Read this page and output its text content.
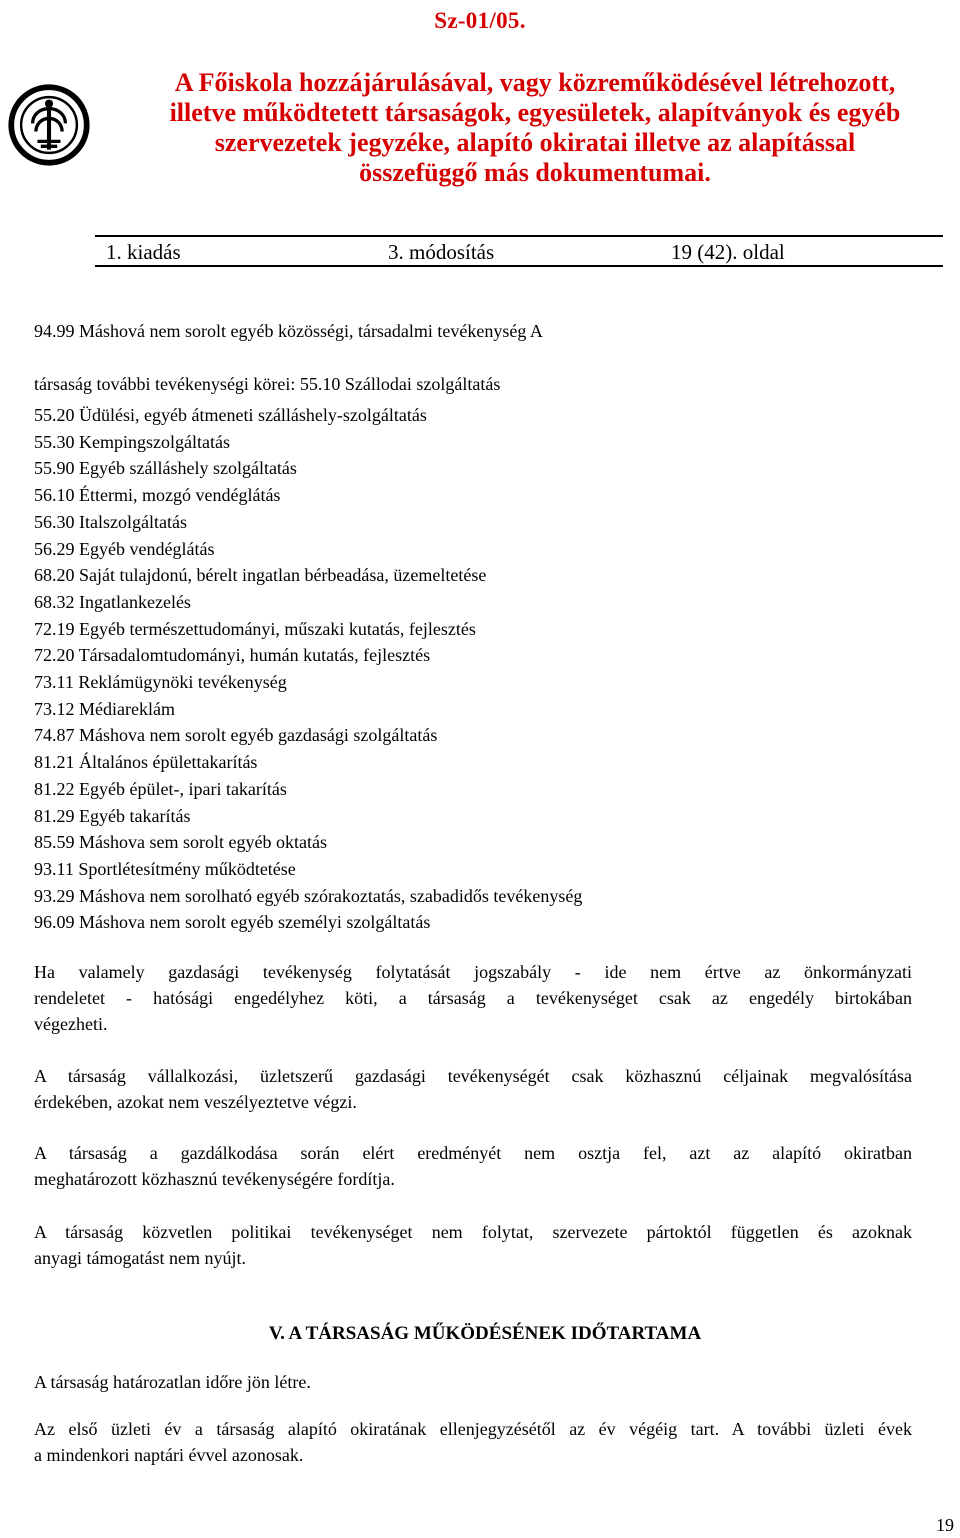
Sz-01/05.
A Főiskola hozzájárulásával, vagy közreműködésével létrehozott,
illetve működtetett társaságok, egyesületek, alapítványok és egyéb
szervezetek jegyzéke, alapító okiratai illetve az alapítással
összefüggő más dokumentumai.
1. kiadás	3. módosítás	19 (42). oldal

94.99 Máshová nem sorolt egyéb közösségi, társadalmi tevékenység A

társaság további tevékenységi körei: 55.10 Szállodai szolgáltatás

55.20 Üdülési, egyéb átmeneti szálláshely-szolgáltatás
55.30 Kempingszolgáltatás
55.90 Egyéb szálláshely szolgáltatás
56.10 Éttermi, mozgó vendéglátás
56.30 Italszolgáltatás
56.29 Egyéb vendéglátás
68.20 Saját tulajdonú, bérelt ingatlan bérbeadása, üzemeltetése
68.32 Ingatlankezelés
72.19 Egyéb természettudományi, műszaki kutatás, fejlesztés
72.20 Társadalomtudományi, humán kutatás, fejlesztés
73.11 Reklámügynöki tevékenység
73.12 Médiareklám
74.87 Máshova nem sorolt egyéb gazdasági szolgáltatás
81.21 Általános épülettakarítás
81.22 Egyéb épület-, ipari takarítás
81.29 Egyéb takarítás
85.59 Máshova sem sorolt egyéb oktatás
93.11 Sportlétesítmény működtetése
93.29 Máshova nem sorolható egyéb szórakoztatás, szabadidős tevékenység
96.09 Máshova nem sorolt egyéb személyi szolgáltatás
Ha valamely gazdasági tevékenység folytatását jogszabály - ide nem értve az önkormányzati
rendeletet - hatósági engedélyhez köti, a társaság a tevékenységet csak az engedély birtokában
végezheti.
A társaság vállalkozási, üzletszerű gazdasági tevékenységét csak közhasznú céljainak megvalósítása
érdekében, azokat nem veszélyeztetve végzi.
A társaság a gazdálkodása során elért eredményét nem osztja fel, azt az alapító okiratban
meghatározott közhasznú tevékenységére fordítja.
A társaság közvetlen politikai tevékenységet nem folytat, szervezete pártoktól független és azoknak
anyagi támogatást nem nyújt.
V. A TÁRSASÁG MŰKÖDÉSÉNEK IDŐTARTAMA

A társaság határozatlan időre jön létre.

Az első üzleti év a társaság alapító okiratának ellenjegyzésétől az év végéig tart. A további üzleti évek
a mindenkori naptári évvel azonosak.
19
